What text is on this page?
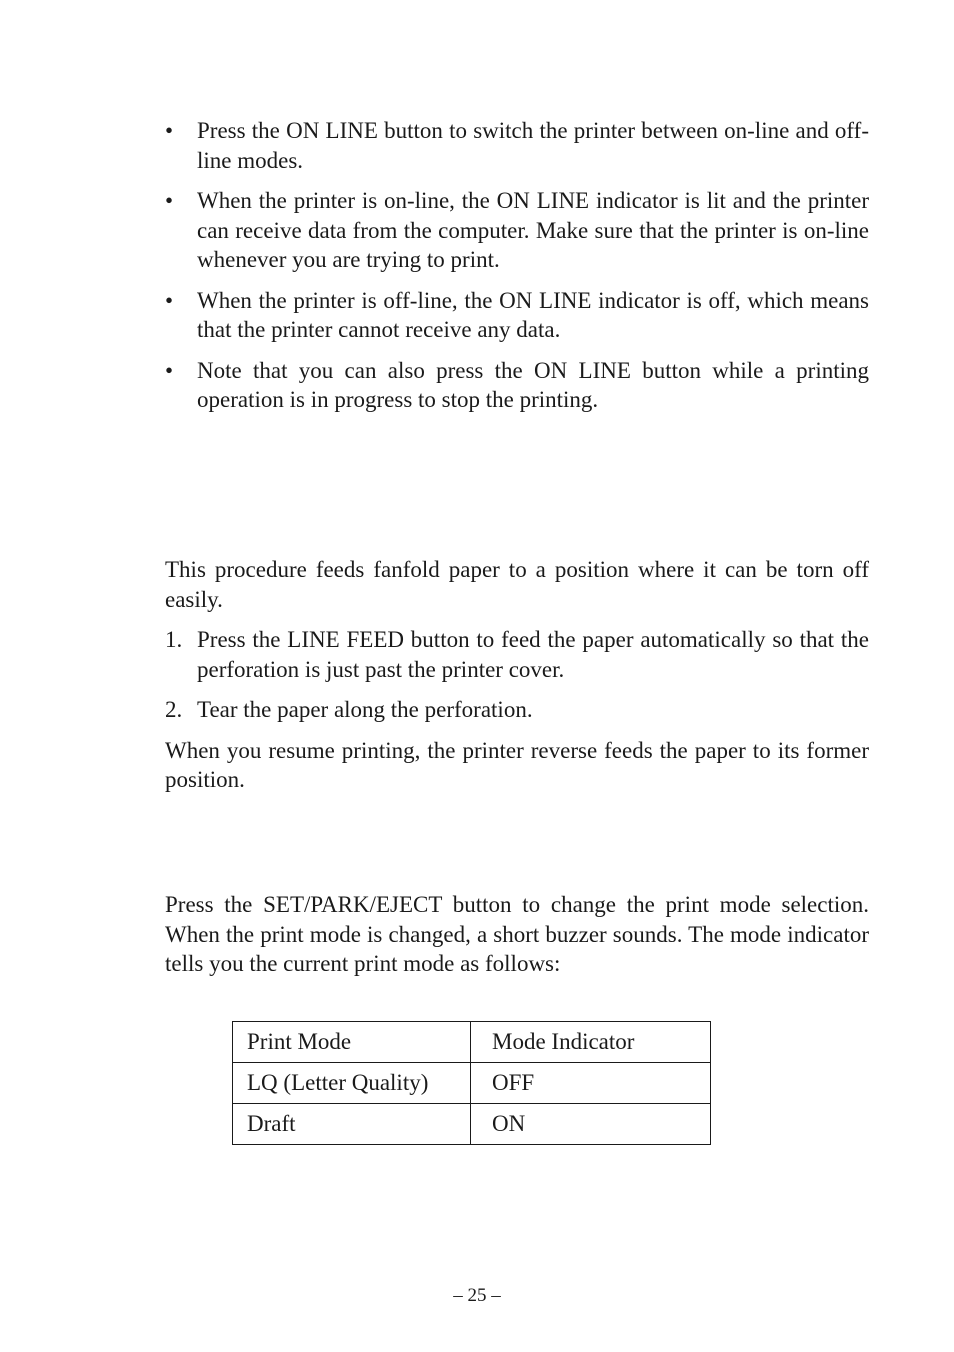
• Press the ON LINE button to switch the printer between on-line and off-line modes.
• When the printer is on-line, the ON LINE indicator is lit and the printer can receive data from the computer. Make sure that the printer is on-line whenever you are trying to print.
• When the printer is off-line, the ON LINE indicator is off, which means that the printer cannot receive any data.
• Note that you can also press the ON LINE button while a printing operation is in progress to stop the printing.
This procedure feeds fanfold paper to a position where it can be torn off easily.
1. Press the LINE FEED button to feed the paper automatically so that the perforation is just past the printer cover.
2. Tear the paper along the perforation.
When you resume printing, the printer reverse feeds the paper to its former position.
Press the SET/PARK/EJECT button to change the print mode selection. When the print mode is changed, a short buzzer sounds. The mode indicator tells you the current print mode as follows:
Print Mode	Mode Indicator
LQ (Letter Quality)	OFF
Draft	ON
– 25 –
